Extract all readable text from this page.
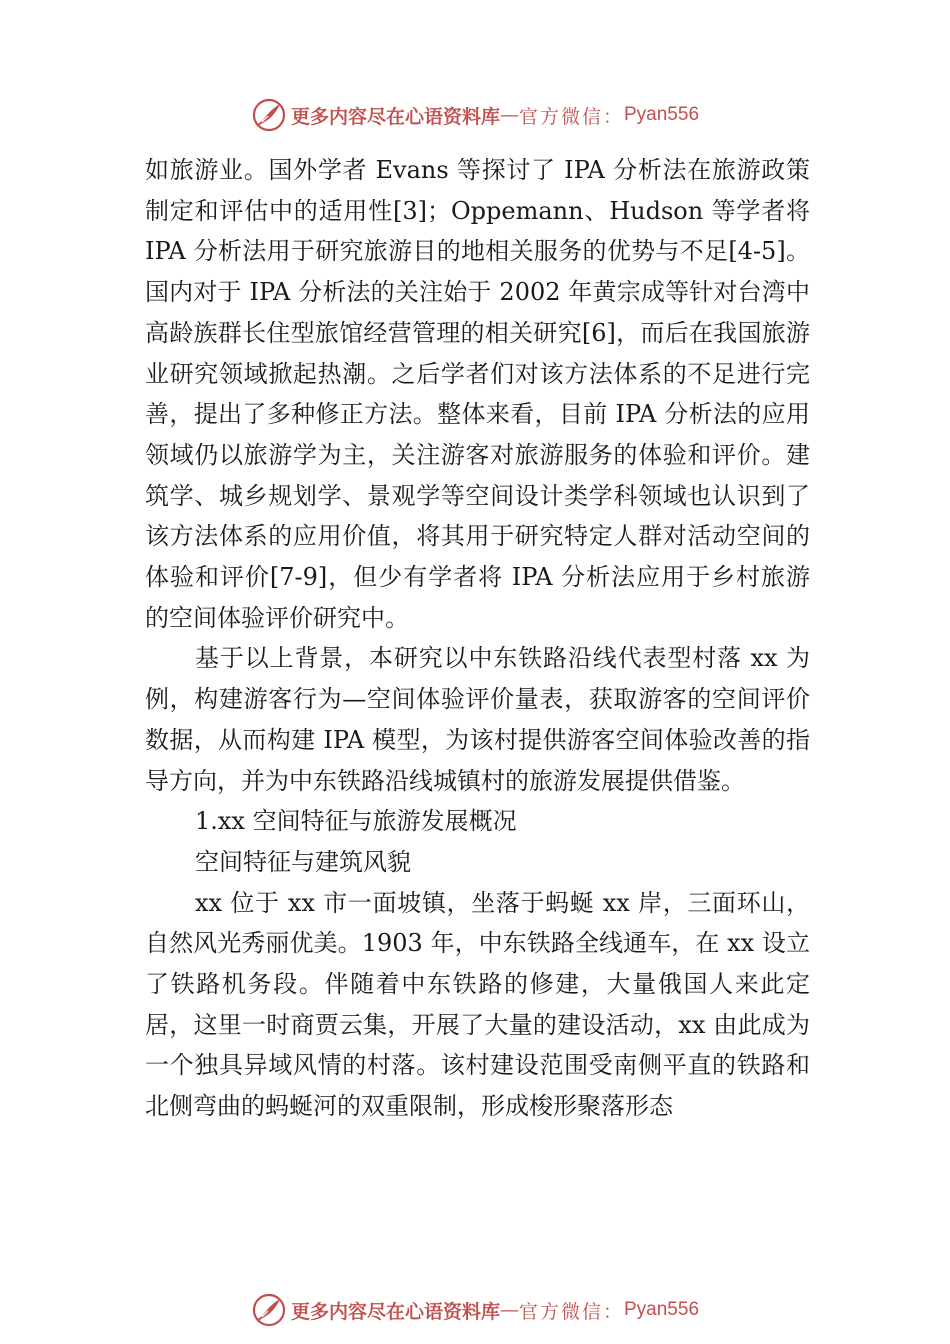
更多内容尽在心语资料库 — 官方微信： Pyan556

如旅游业。国外学者 Evans 等探讨了 IPA 分析法在旅游政策制定和评估中的适用性[3]；Oppemann、Hudson 等学者将 IPA 分析法用于研究旅游目的地相关服务的优势与不足[4-5]。国内对于 IPA 分析法的关注始于 2002 年黄宗成等针对台湾中高龄族群长住型旅馆经营管理的相关研究[6]，而后在我国旅游业研究领域掀起热潮。之后学者们对该方法体系的不足进行完善，提出了多种修正方法。整体来看，目前 IPA 分析法的应用领域仍以旅游学为主，关注游客对旅游服务的体验和评价。建筑学、城乡规划学、景观学等空间设计类学科领域也认识到了该方法体系的应用价值，将其用于研究特定人群对活动空间的体验和评价[7-9]，但少有学者将 IPA 分析法应用于乡村旅游的空间体验评价研究中。

基于以上背景，本研究以中东铁路沿线代表型村落 xx 为例，构建游客行为—空间体验评价量表，获取游客的空间评价数据，从而构建 IPA 模型，为该村提供游客空间体验改善的指导方向，并为中东铁路沿线城镇村的旅游发展提供借鉴。

1.xx 空间特征与旅游发展概况

空间特征与建筑风貌

xx 位于 xx 市一面坡镇，坐落于蚂蜒 xx 岸，三面环山，自然风光秀丽优美。1903 年，中东铁路全线通车，在 xx 设立了铁路机务段。伴随着中东铁路的修建，大量俄国人来此定居，这里一时商贾云集，开展了大量的建设活动，xx 由此成为一个独具异域风情的村落。该村建设范围受南侧平直的铁路和北侧弯曲的蚂蜒河的双重限制，形成梭形聚落形态

更多内容尽在心语资料库 — 官方微信： Pyan556
